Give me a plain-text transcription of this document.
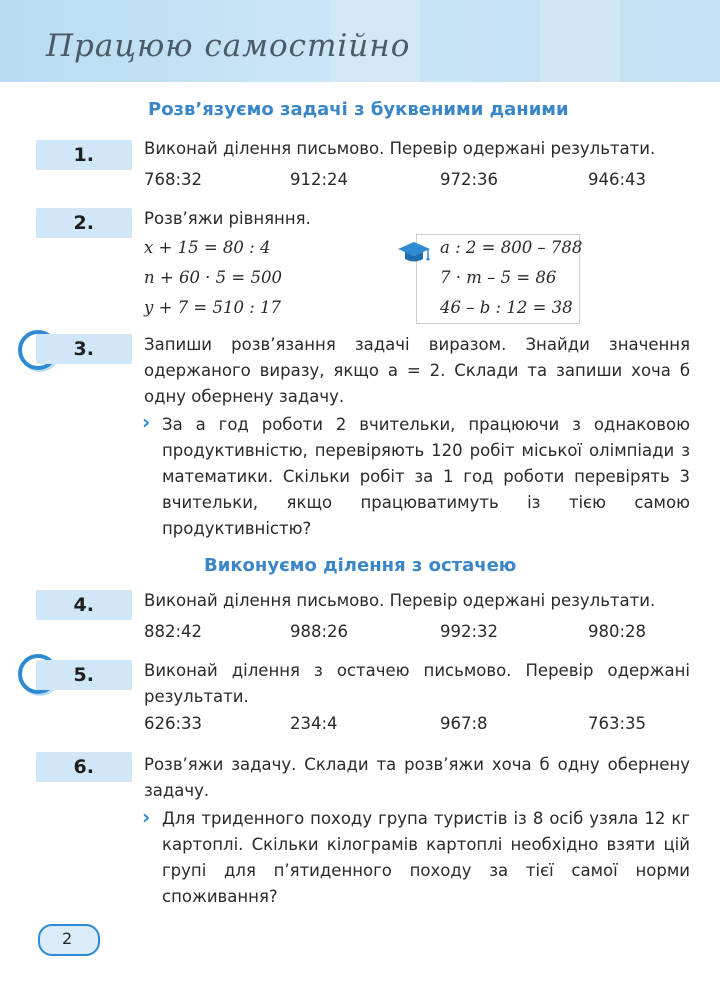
Працюю самостійно
Розв’язуємо задачі з буквеними даними
1.	Виконай ділення письмово. Перевір одержані результати.
768:32	912:24	972:36	946:43
2.	Розв’яжи рівняння.
x + 15 = 80 : 4
n + 60 · 5 = 500
y + 7 = 510 : 17
a : 2 = 800 – 788
7 · m – 5 = 86
46 – b : 12 = 38
3.	Запиши розв’язання задачі виразом. Знайди значення одержаного виразу, якщо a = 2. Склади та запиши хоча б одну обернену задачу.
› За a год роботи 2 вчительки, працюючи з однаковою продуктивністю, перевіряють 120 робіт міської олімпіади з математики. Скільки робіт за 1 год роботи перевірять 3 вчительки, якщо працюватимуть із тією самою продуктивністю?
Виконуємо ділення з остачею
4.	Виконай ділення письмово. Перевір одержані результати.
882:42	988:26	992:32	980:28
5.	Виконай ділення з остачею письмово. Перевір одержані результати.
626:33	234:4	967:8	763:35
6.	Розв’яжи задачу. Склади та розв’яжи хоча б одну обернену задачу.
› Для триденного походу група туристів із 8 осіб узяла 12 кг картоплі. Скільки кілограмів картоплі необхідно взяти цій групі для п’ятиденного походу за тієї самої норми споживання?
2
